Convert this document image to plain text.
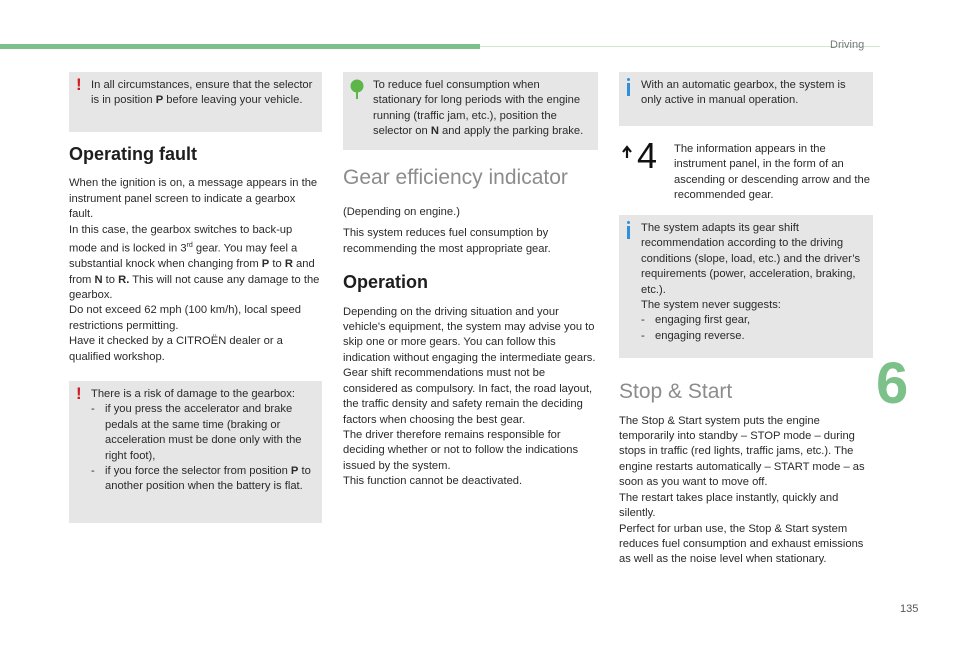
Driving
6
135
! In all circumstances, ensure that the selector is in position P before leaving your vehicle.

Operating fault

When the ignition is on, a message appears in the instrument panel screen to indicate a gearbox fault.

In this case, the gearbox switches to back-up mode and is locked in 3rd gear. You may feel a substantial knock when changing from P to R and from N to R. This will not cause any damage to the gearbox.

Do not exceed 62 mph (100 km/h), local speed restrictions permitting.

Have it checked by a CITROËN dealer or a qualified workshop.

! There is a risk of damage to the gearbox:

- if you press the accelerator and brake pedals at the same time (braking or acceleration must be done only with the right foot),
- if you force the selector from position P to another position when the battery is flat.

To reduce fuel consumption when stationary for long periods with the engine running (traffic jam, etc.), position the selector on N and apply the parking brake.

Gear efficiency indicator

(Depending on engine.)

This system reduces fuel consumption by recommending the most appropriate gear.

Operation

Depending on the driving situation and your vehicle's equipment, the system may advise you to skip one or more gears. You can follow this indication without engaging the intermediate gears.

Gear shift recommendations must not be considered as compulsory. In fact, the road layout, the traffic density and safety remain the deciding factors when choosing the best gear.

The driver therefore remains responsible for deciding whether or not to follow the indications issued by the system.

This function cannot be deactivated.

With an automatic gearbox, the system is only active in manual operation.

4 The information appears in the instrument panel, in the form of an ascending or descending arrow and the recommended gear.

The system adapts its gear shift recommendation according to the driving conditions (slope, load, etc.) and the driver’s requirements (power, acceleration, braking, etc.).

The system never suggests:

- engaging first gear,
- engaging reverse.
Stop & Start

The Stop & Start system puts the engine temporarily into standby – STOP mode – during stops in traffic (red lights, traffic jams, etc.). The engine restarts automatically – START mode – as soon as you want to move off.

The restart takes place instantly, quickly and silently.

Perfect for urban use, the Stop & Start system reduces fuel consumption and exhaust emissions as well as the noise level when stationary.
